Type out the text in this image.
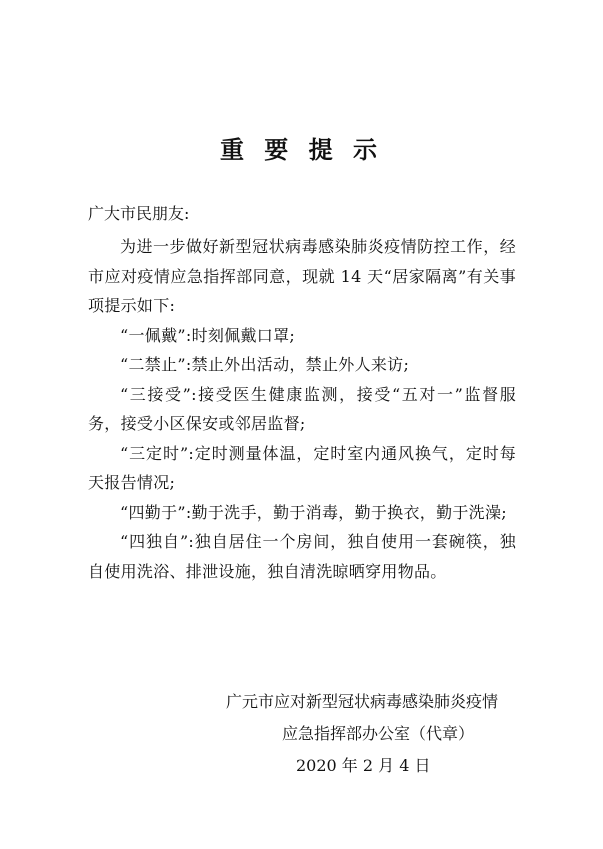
重 要 提 示
广大市民朋友:

为进一步做好新型冠状病毒感染肺炎疫情防控工作，经市应对疫情应急指挥部同意，现就 14 天“居家隔离”有关事项提示如下:

“一佩戴”:时刻佩戴口罩;

“二禁止”:禁止外出活动，禁止外人来访;

“三接受”:接受医生健康监测，接受“五对一”监督服务，接受小区保安或邻居监督;

“三定时”:定时测量体温，定时室内通风换气，定时每天报告情况;

“四勤于”:勤于洗手，勤于消毒，勤于换衣，勤于洗澡;

“四独自”:独自居住一个房间，独自使用一套碗筷，独自使用洗浴、排泄设施，独自清洗晾晒穿用物品。

广元市应对新型冠状病毒感染肺炎疫情
应急指挥部办公室（代章）
2020 年 2 月 4 日
